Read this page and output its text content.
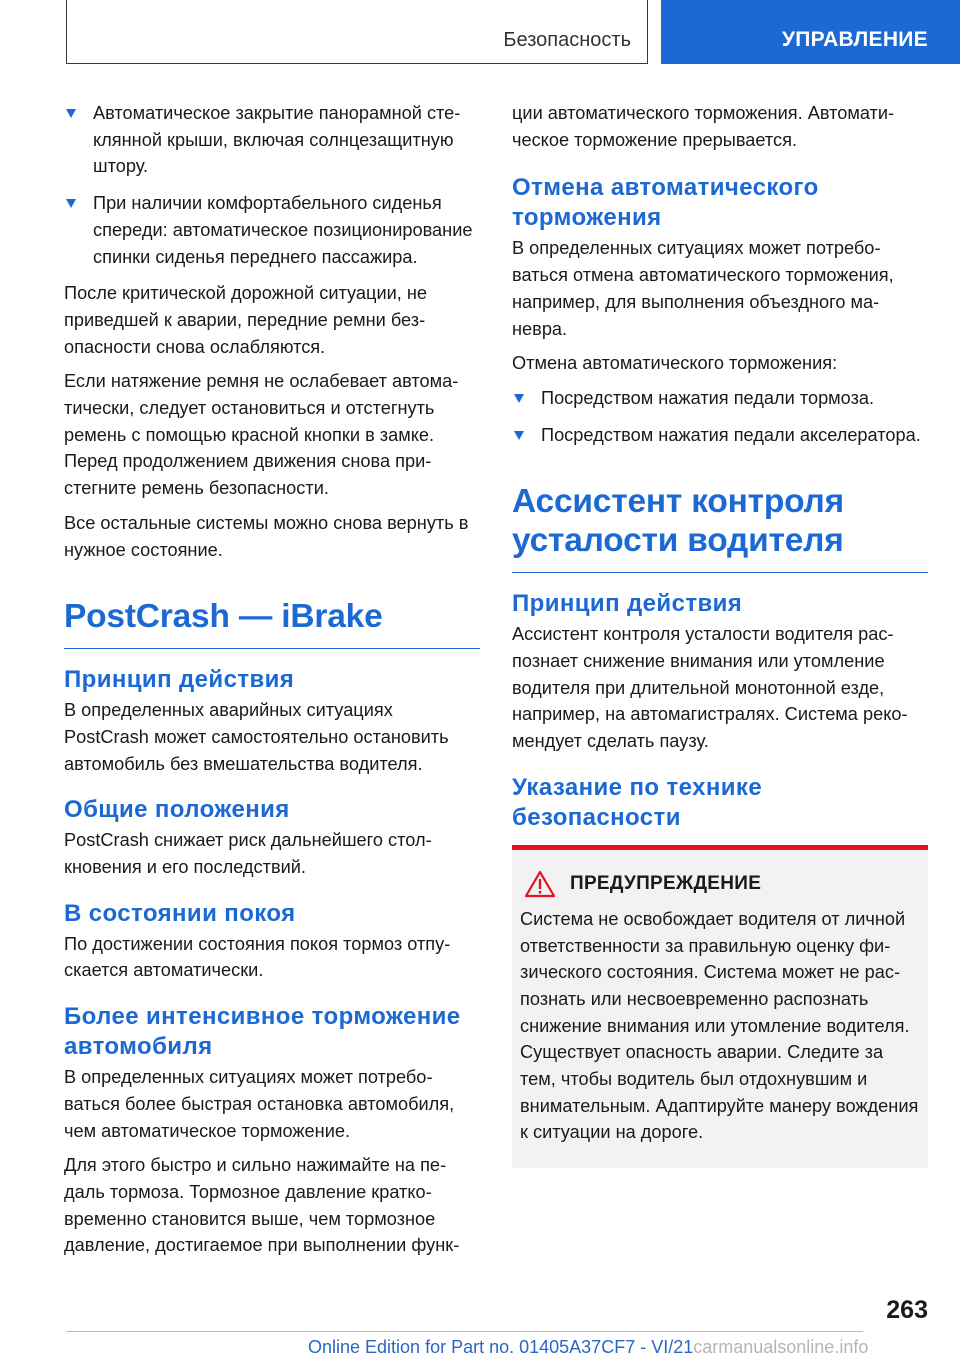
Безопасность	УПРАВЛЕНИЕ
Автоматическое закрытие панорамной стеклянной крыши, включая солнцезащитную штору.
При наличии комфортабельного сиденья спереди: автоматическое позиционирование спинки сиденья переднего пассажира.
После критической дорожной ситуации, не приведшей к аварии, передние ремни безопасности снова ослабляются.
Если натяжение ремня не ослабевает автоматически, следует остановиться и отстегнуть ремень с помощью красной кнопки в замке. Перед продолжением движения снова пристегните ремень безопасности.
Все остальные системы можно снова вернуть в нужное состояние.
PostCrash — iBrake
Принцип действия
В определенных аварийных ситуациях PostCrash может самостоятельно остановить автомобиль без вмешательства водителя.
Общие положения
PostCrash снижает риск дальнейшего столкновения и его последствий.
В состоянии покоя
По достижении состояния покоя тормоз отпускается автоматически.
Более интенсивное торможение автомобиля
В определенных ситуациях может потребоваться более быстрая остановка автомобиля, чем автоматическое торможение.
Для этого быстро и сильно нажимайте на педаль тормоза. Тормозное давление кратковременно становится выше, чем тормозное давление, достигаемое при выполнении функ-
ции автоматического торможения. Автоматическое торможение прерывается.
Отмена автоматического торможения
В определенных ситуациях может потребоваться отмена автоматического торможения, например, для выполнения объездного маневра.
Отмена автоматического торможения:
Посредством нажатия педали тормоза.
Посредством нажатия педали акселератора.
Ассистент контроля усталости водителя
Принцип действия
Ассистент контроля усталости водителя распознает снижение внимания или утомление водителя при длительной монотонной езде, например, на автомагистралях. Система рекомендует сделать паузу.
Указание по технике безопасности
ПРЕДУПРЕЖДЕНИЕ
Система не освобождает водителя от личной ответственности за правильную оценку физического состояния. Система может не распознать или несвоевременно распознать снижение внимания или утомление водителя. Существует опасность аварии. Следите за тем, чтобы водитель был отдохнувшим и внимательным. Адаптируйте манеру вождения к ситуации на дороге.
263
Online Edition for Part no. 01405A37CF7 - VI/21carmanualsonline.info
